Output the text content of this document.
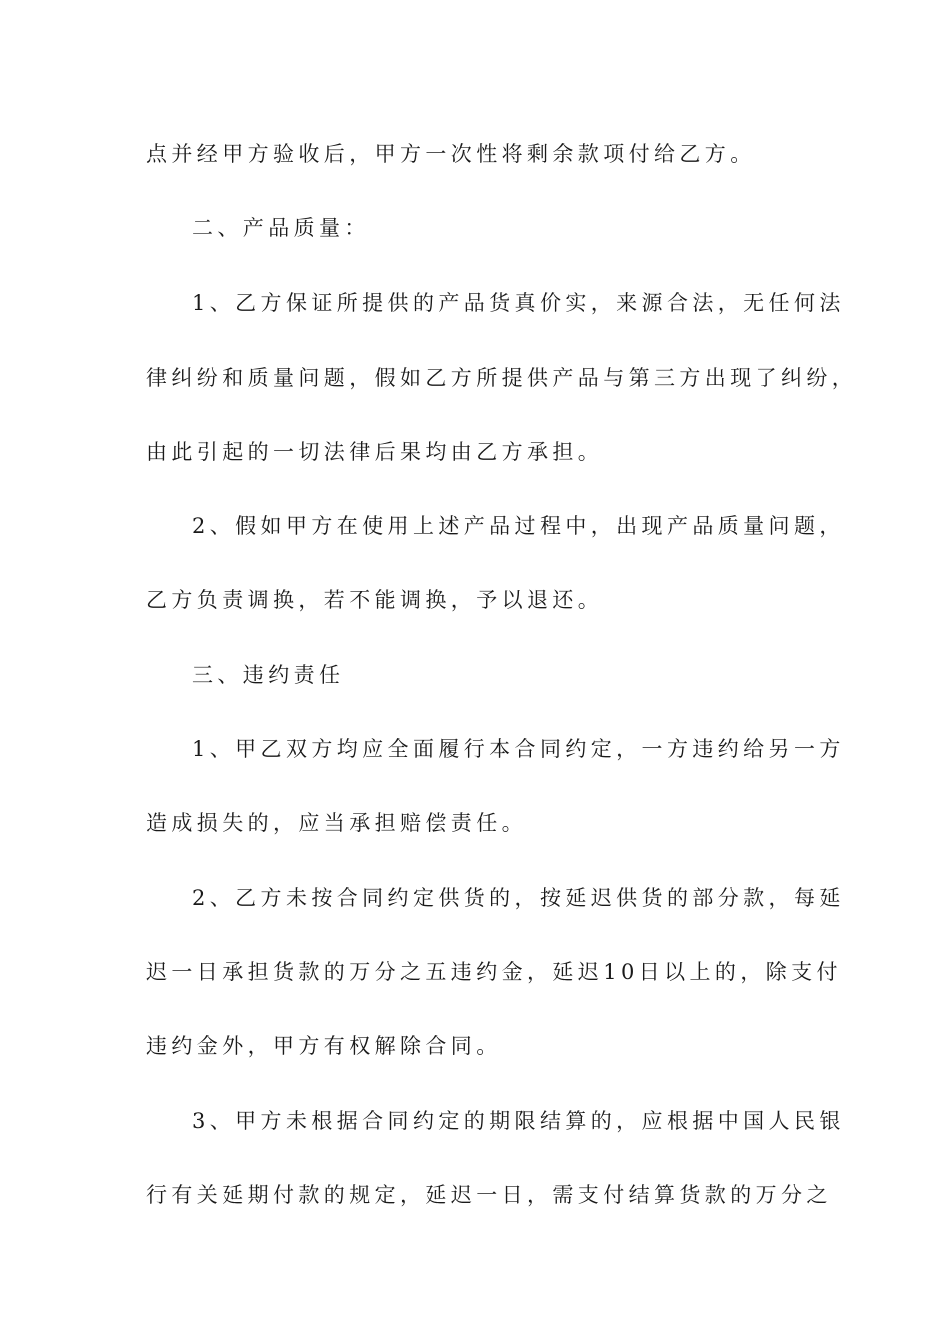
点并经甲方验收后，甲方一次性将剩余款项付给乙方。
二、产品质量：
1、乙方保证所提供的产品货真价实，来源合法，无任何法
律纠纷和质量问题，假如乙方所提供产品与第三方出现了纠纷，
由此引起的一切法律后果均由乙方承担。
2、假如甲方在使用上述产品过程中，出现产品质量问题，
乙方负责调换，若不能调换，予以退还。
三、违约责任
1、甲乙双方均应全面履行本合同约定，一方违约给另一方
造成损失的，应当承担赔偿责任。
2、乙方未按合同约定供货的，按延迟供货的部分款，每延
迟一日承担货款的万分之五违约金，延迟10日以上的，除支付
违约金外，甲方有权解除合同。
3、甲方未根据合同约定的期限结算的，应根据中国人民银
行有关延期付款的规定，延迟一日，需支付结算货款的万分之
